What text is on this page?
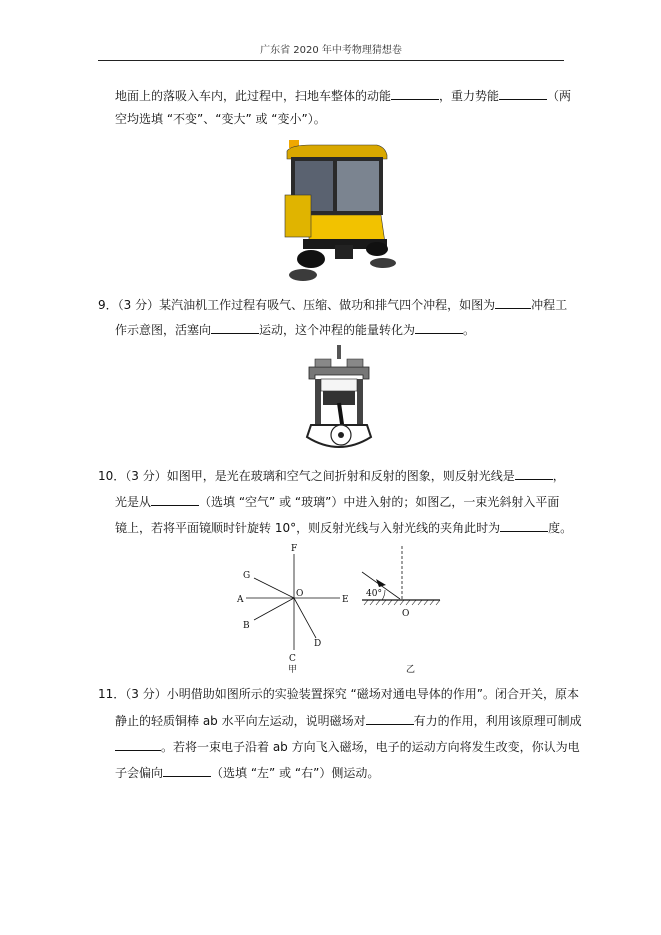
广东省 2020 年中考物理猜想卷
地面上的落吸入车内，此过程中，扫地车整体的动能	，重力势能	（两
空均选填 “不变”、“变大” 或 “变小”）。
9．（3 分）某汽油机工作过程有吸气、压缩、做功和排气四个冲程，如图为	冲程工
作示意图，活塞向	运动，这个冲程的能量转化为	。
10．（3 分）如图甲，是光在玻璃和空气之间折射和反射的图象，则反射光线是	，
光是从	（选填 “空气” 或 “玻璃”）中进入射的；如图乙，一束光斜射入平面
镜上，若将平面镜顺时针旋转 10°，则反射光线与入射光线的夹角此时为	度。
F
G
A
B
O
E
C
D
甲
40°
O
乙
11．（3 分）小明借助如图所示的实验装置探究 “磁场对通电导体的作用”。闭合开关，原本
静止的轻质铜棒 ab 水平向左运动，说明磁场对	有力的作用，利用该原理可制成
。若将一束电子沿着 ab 方向飞入磁场，电子的运动方向将发生改变，你认为电
子会偏向	（选填 “左” 或 “右”）侧运动。
